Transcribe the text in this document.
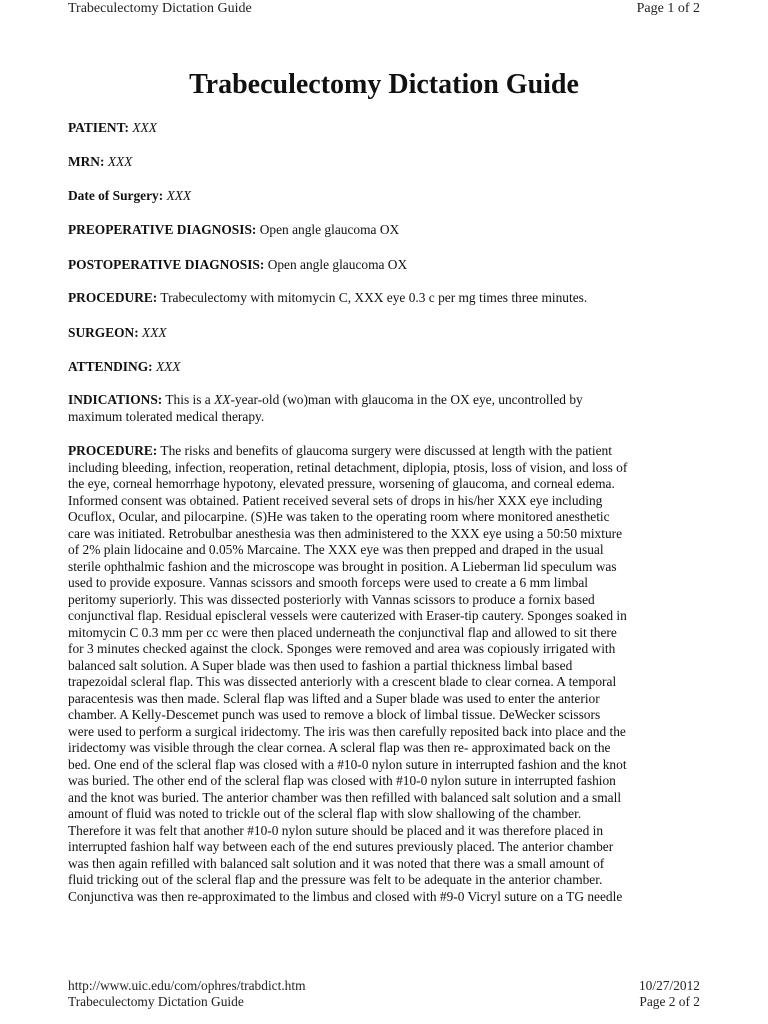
Trabeculectomy Dictation Guide	Page 1 of 2
Trabeculectomy Dictation Guide
PATIENT: XXX
MRN: XXX
Date of Surgery: XXX
PREOPERATIVE DIAGNOSIS: Open angle glaucoma OX
POSTOPERATIVE DIAGNOSIS: Open angle glaucoma OX
PROCEDURE: Trabeculectomy with mitomycin C, XXX eye 0.3 c per mg times three minutes.
SURGEON: XXX
ATTENDING: XXX
INDICATIONS: This is a XX-year-old (wo)man with glaucoma in the OX eye, uncontrolled by
maximum tolerated medical therapy.
PROCEDURE: The risks and benefits of glaucoma surgery were discussed at length with the patient
including bleeding, infection, reoperation, retinal detachment, diplopia, ptosis, loss of vision, and loss of
the eye, corneal hemorrhage hypotony, elevated pressure, worsening of glaucoma, and corneal edema.
Informed consent was obtained. Patient received several sets of drops in his/her XXX eye including
Ocuflox, Ocular, and pilocarpine. (S)He was taken to the operating room where monitored anesthetic
care was initiated. Retrobulbar anesthesia was then administered to the XXX eye using a 50:50 mixture
of 2% plain lidocaine and 0.05% Marcaine. The XXX eye was then prepped and draped in the usual
sterile ophthalmic fashion and the microscope was brought in position. A Lieberman lid speculum was
used to provide exposure. Vannas scissors and smooth forceps were used to create a 6 mm limbal
peritomy superiorly. This was dissected posteriorly with Vannas scissors to produce a fornix based
conjunctival flap. Residual episcleral vessels were cauterized with Eraser-tip cautery. Sponges soaked in
mitomycin C 0.3 mm per cc were then placed underneath the conjunctival flap and allowed to sit there
for 3 minutes checked against the clock. Sponges were removed and area was copiously irrigated with
balanced salt solution. A Super blade was then used to fashion a partial thickness limbal based
trapezoidal scleral flap. This was dissected anteriorly with a crescent blade to clear cornea. A temporal
paracentesis was then made. Scleral flap was lifted and a Super blade was used to enter the anterior
chamber. A Kelly-Descemet punch was used to remove a block of limbal tissue. DeWecker scissors
were used to perform a surgical iridectomy. The iris was then carefully reposited back into place and the
iridectomy was visible through the clear cornea. A scleral flap was then re- approximated back on the
bed. One end of the scleral flap was closed with a #10-0 nylon suture in interrupted fashion and the knot
was buried. The other end of the scleral flap was closed with #10-0 nylon suture in interrupted fashion
and the knot was buried. The anterior chamber was then refilled with balanced salt solution and a small
amount of fluid was noted to trickle out of the scleral flap with slow shallowing of the chamber.
Therefore it was felt that another #10-0 nylon suture should be placed and it was therefore placed in
interrupted fashion half way between each of the end sutures previously placed. The anterior chamber
was then again refilled with balanced salt solution and it was noted that there was a small amount of
fluid tricking out of the scleral flap and the pressure was felt to be adequate in the anterior chamber.
Conjunctiva was then re-approximated to the limbus and closed with #9-0 Vicryl suture on a TG needle
http://www.uic.edu/com/ophres/trabdict.htm	10/27/2012
Trabeculectomy Dictation Guide	Page 2 of 2
